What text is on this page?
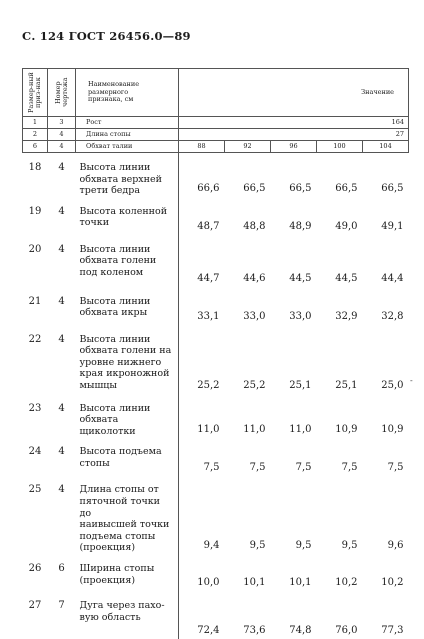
С. 124 ГОСТ 26456.0—89
Размер-ный приз-нак	Номер чертежа	Наименование
размерного
признака, см	Значение				
1	3	Рост	164				
2	4	Длина стопы	27				
6	4	Обхват талии	88	92	96	100	104
18	4	Высота линии
обхвата верхней
трети бедра	66,6	66,5	66,5	66,5	66,5
19	4	Высота коленной
точки	48,7	48,8	48,9	49,0	49,1
20	4	Высота линии
обхвата голени
под коленом	44,7	44,6	44,5	44,5	44,4
21	4	Высота линии
обхвата икры	33,1	33,0	33,0	32,9	32,8
22	4	Высота линии
обхвата голени на
уровне нижнего
края икроножной
мышцы	25,2	25,2	25,1	25,1	25,0
23	4	Высота линии
обхвата щиколотки	11,0	11,0	11,0	10,9	10,9
24	4	Высота подъема
стопы	7,5	7,5	7,5	7,5	7,5
25	4	Длина стопы от
пяточной точки до
наивысшей точки
подъема стопы
(проекция)	9,4	9,5	9,5	9,5	9,6
26	6	Ширина стопы
(проекция)	10,0	10,1	10,1	10,2	10,2
27	7	Дуга через пахо-
вую область	72,4	73,6	74,8	76,0	77,3
-
